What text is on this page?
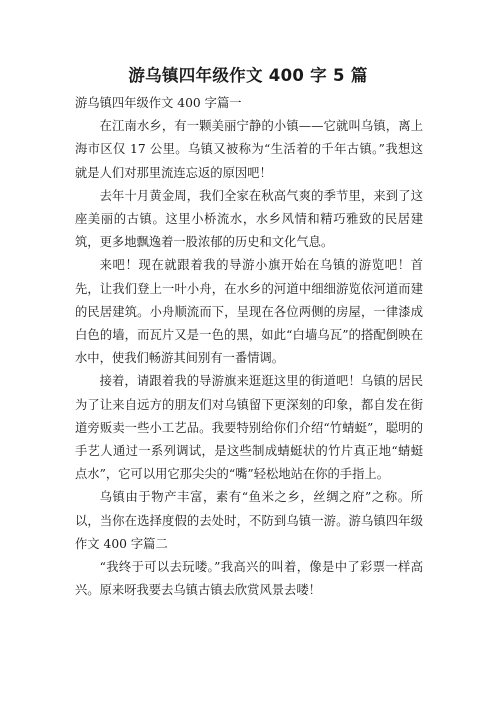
游乌镇四年级作文 400 字 5 篇

游乌镇四年级作文 400 字篇一

在江南水乡，有一颗美丽宁静的小镇——它就叫乌镇，离上海市区仅 17 公里。乌镇又被称为“生活着的千年古镇。”我想这就是人们对那里流连忘返的原因吧！

去年十月黄金周，我们全家在秋高气爽的季节里，来到了这座美丽的古镇。这里小桥流水，水乡风情和精巧雅致的民居建筑，更多地飘逸着一股浓郁的历史和文化气息。

来吧！现在就跟着我的导游小旗开始在乌镇的游览吧！首先，让我们登上一叶小舟，在水乡的河道中细细游览依河道而建的民居建筑。小舟顺流而下，呈现在各位两侧的房屋，一律漆成白色的墙，而瓦片又是一色的黑，如此“白墙乌瓦”的搭配倒映在水中，使我们畅游其间别有一番情调。

接着，请跟着我的导游旗来逛逛这里的街道吧！乌镇的居民为了让来自远方的朋友们对乌镇留下更深刻的印象，都自发在街道旁贩卖一些小工艺品。我要特别给你们介绍“竹蜻蜓”，聪明的手艺人通过一系列调试，是这些制成蜻蜓状的竹片真正地“蜻蜓点水”，它可以用它那尖尖的“嘴”轻松地站在你的手指上。

乌镇由于物产丰富，素有“鱼米之乡，丝绸之府”之称。所以，当你在选择度假的去处时，不防到乌镇一游。游乌镇四年级作文 400 字篇二

“我终于可以去玩喽。”我高兴的叫着，像是中了彩票一样高兴。原来呀我要去乌镇古镇去欣赏风景去喽！
